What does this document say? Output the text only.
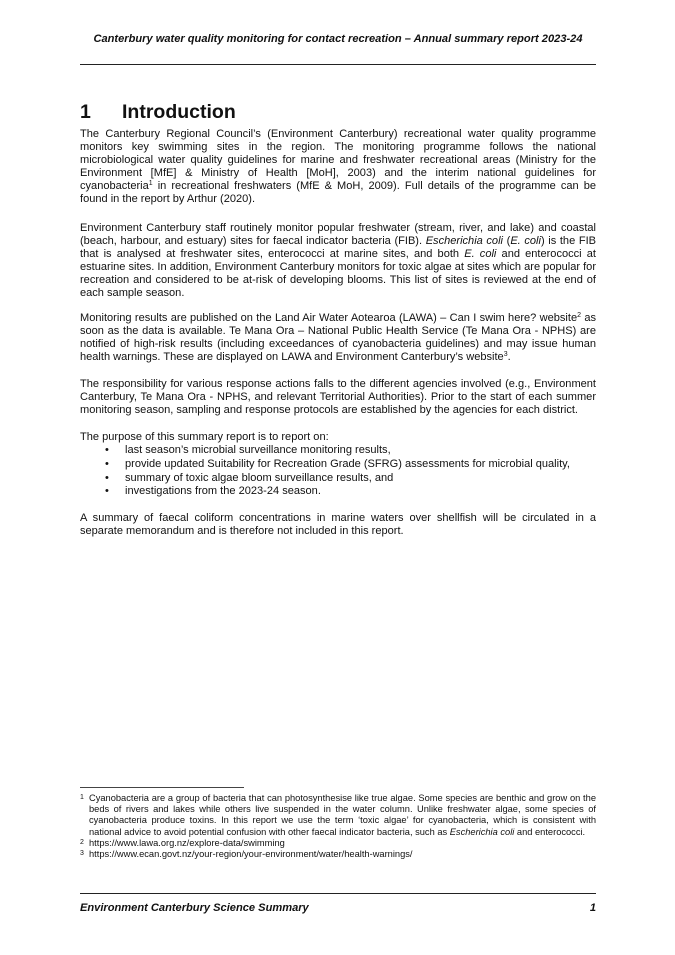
Canterbury water quality monitoring for contact recreation – Annual summary report 2023-24
1 Introduction

The Canterbury Regional Council’s (Environment Canterbury) recreational water quality programme monitors key swimming sites in the region. The monitoring programme follows the national microbiological water quality guidelines for marine and freshwater recreational areas (Ministry for the Environment [MfE] & Ministry of Health [MoH], 2003) and the interim national guidelines for cyanobacteria$^1$ in recreational freshwaters (MfE & MoH, 2009). Full details of the programme can be found in the report by Arthur (2020).

Environment Canterbury staff routinely monitor popular freshwater (stream, river, and lake) and coastal (beach, harbour, and estuary) sites for faecal indicator bacteria (FIB). Escherichia coli (E. coli) is the FIB that is analysed at freshwater sites, enterococci at marine sites, and both E. coli and enterococci at estuarine sites. In addition, Environment Canterbury monitors for toxic algae at sites which are popular for recreation and considered to be at-risk of developing blooms. This list of sites is reviewed at the end of each sample season.

Monitoring results are published on the Land Air Water Aotearoa (LAWA) – Can I swim here? website$^2$ as soon as the data is available. Te Mana Ora – National Public Health Service (Te Mana Ora - NPHS) are notified of high-risk results (including exceedances of cyanobacteria guidelines) and may issue human health warnings. These are displayed on LAWA and Environment Canterbury’s website$^3$.

The responsibility for various response actions falls to the different agencies involved (e.g., Environment Canterbury, Te Mana Ora - NPHS, and relevant Territorial Authorities). Prior to the start of each summer monitoring season, sampling and response protocols are established by the agencies for each district.

The purpose of this summary report is to report on:

• last season’s microbial surveillance monitoring results,
• provide updated Suitability for Recreation Grade (SFRG) assessments for microbial quality,
• summary of toxic algae bloom surveillance results, and
• investigations from the 2023-24 season.

A summary of faecal coliform concentrations in marine waters over shellfish will be circulated in a separate memorandum and is therefore not included in this report.

1 Cyanobacteria are a group of bacteria that can photosynthesise like true algae. Some species are benthic and grow on the beds of rivers and lakes while others live suspended in the water column. Unlike freshwater algae, some species of cyanobacteria produce toxins. In this report we use the term ‘toxic algae’ for cyanobacteria, which is consistent with national advice to avoid potential confusion with other faecal indicator bacteria, such as Escherichia coli and enterococci.

2 https://www.lawa.org.nz/explore-data/swimming

3 https://www.ecan.govt.nz/your-region/your-environment/water/health-warnings/

Environment Canterbury Science Summary	1
